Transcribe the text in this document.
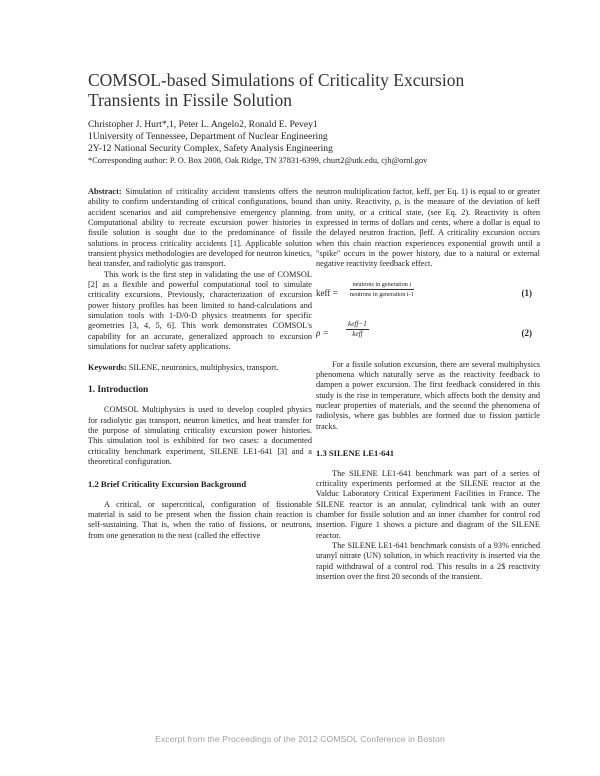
COMSOL-based Simulations of Criticality Excursion Transients in Fissile Solution
Christopher J. Hurt*,1, Peter L. Angelo2, Ronald E. Pevey1
1University of Tennessee, Department of Nuclear Engineering
2Y-12 National Security Complex, Safety Analysis Engineering
*Corresponding author: P. O. Box 2008, Oak Ridge, TN 37831-6399, churt2@utk.edu, cjh@ornl.gov

Abstract: Simulation of criticality accident transients offers the ability to confirm understanding of critical configurations, bound accident scenarios and aid comprehensive emergency planning. Computational ability to recreate excursion power histories in fissile solution is sought due to the predominance of fissile solutions in process criticality accidents [1]. Applicable solution transient physics methodologies are developed for neutron kinetics, heat transfer, and radiolytic gas transport.

This work is the first step in validating the use of COMSOL [2] as a flexible and powerful computational tool to simulate criticality excursions. Previously, characterization of excursion power history profiles has been limited to hand-calculations and simulation tools with 1-D/0-D physics treatments for specific geometries [3, 4, 5, 6]. This work demonstrates COMSOL's capability for an accurate, generalized approach to excursion simulations for nuclear safety applications.

Keywords: SILENE, neutronics, multiphysics, transport.

1. Introduction

COMSOL Multiphysics is used to develop coupled physics for radiolytic gas transport, neutron kinetics, and heat transfer for the purpose of simulating criticality excursion power histories. This simulation tool is exhibited for two cases: a documented criticality benchmark experiment, SILENE LE1-641 [3] and a theoretical configuration.

1.2 Brief Criticality Excursion Background

A critical, or supercritical, configuration of fissionable material is said to be present when the fission chain reaction is self-sustaining. That is, when the ratio of fissions, or neutrons, from one generation to the next (called the effective

neutron multiplication factor, keff, per Eq. 1) is equal to or greater than unity. Reactivity, ρ, is the measure of the deviation of keff from unity, or a critical state, (see Eq. 2). Reactivity is often expressed in terms of dollars and cents, where a dollar is equal to the delayed neutron fraction, βeff. A criticality excursion occurs when this chain reaction experiences exponential growth until a "spike" occurs in the power history, due to a natural or external negative reactivity feedback effect.

keff =
neutrons in generation i
neutrons in generation i-1	(1)
ρ =
keff−1
keff	(2)

For a fissile solution excursion, there are several multiphysics phenomena which naturally serve as the reactivity feedback to dampen a power excursion. The first feedback considered in this study is the rise in temperature, which affects both the density and nuclear properties of materials, and the second the phenomena of radiolysis, where gas bubbles are formed due to fission particle tracks.

1.3 SILENE LE1-641

The SILENE LE1-641 benchmark was part of a series of criticality experiments performed at the SILENE reactor at the Valduc Laboratory Critical Experiment Facilities in France. The SILENE reactor is an annular, cylindrical tank with an outer chamber for fissile solution and an inner chamber for control rod insertion. Figure 1 shows a picture and diagram of the SILENE reactor.

The SILENE LE1-641 benchmark consists of a 93% enriched uranyl nitrate (UN) solution, in which reactivity is inserted via the rapid withdrawal of a control rod. This results in a 2$ reactivity insertion over the first 20 seconds of the transient.

Excerpt from the Proceedings of the 2012 COMSOL Conference in Boston
